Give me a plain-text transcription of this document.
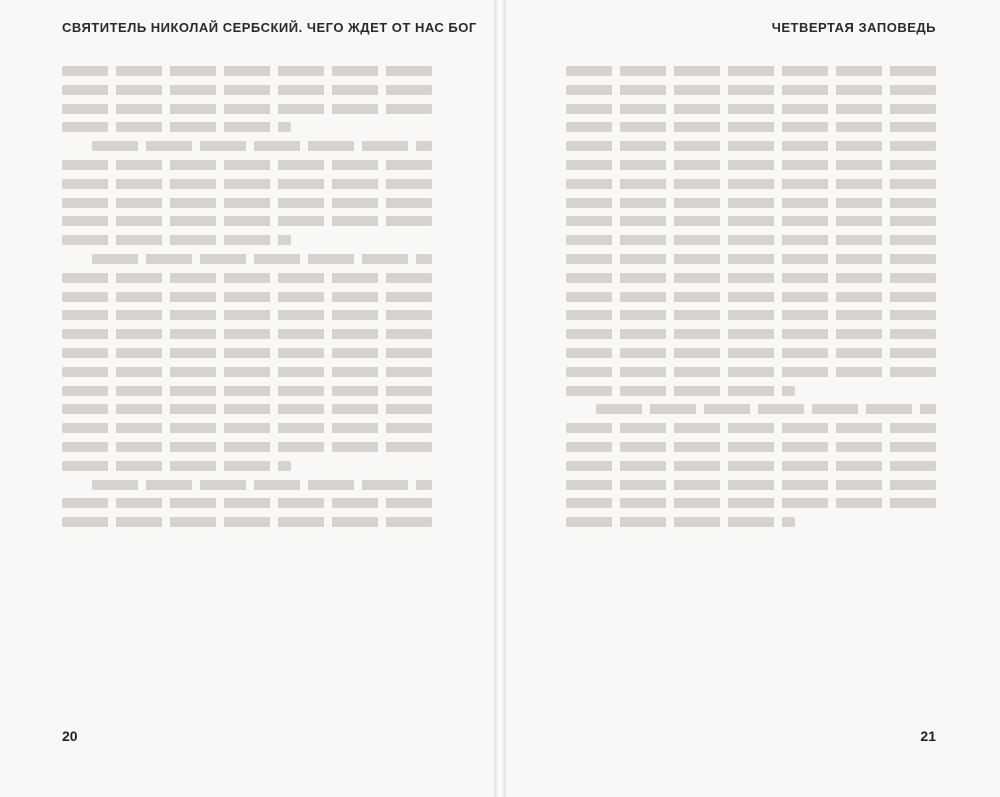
СВЯТИТЕЛЬ НИКОЛАЙ СЕРБСКИЙ. ЧЕГО ЖДЕТ ОТ НАС БОГ

20
ЧЕТВЕРТАЯ ЗАПОВЕДЬ

21
